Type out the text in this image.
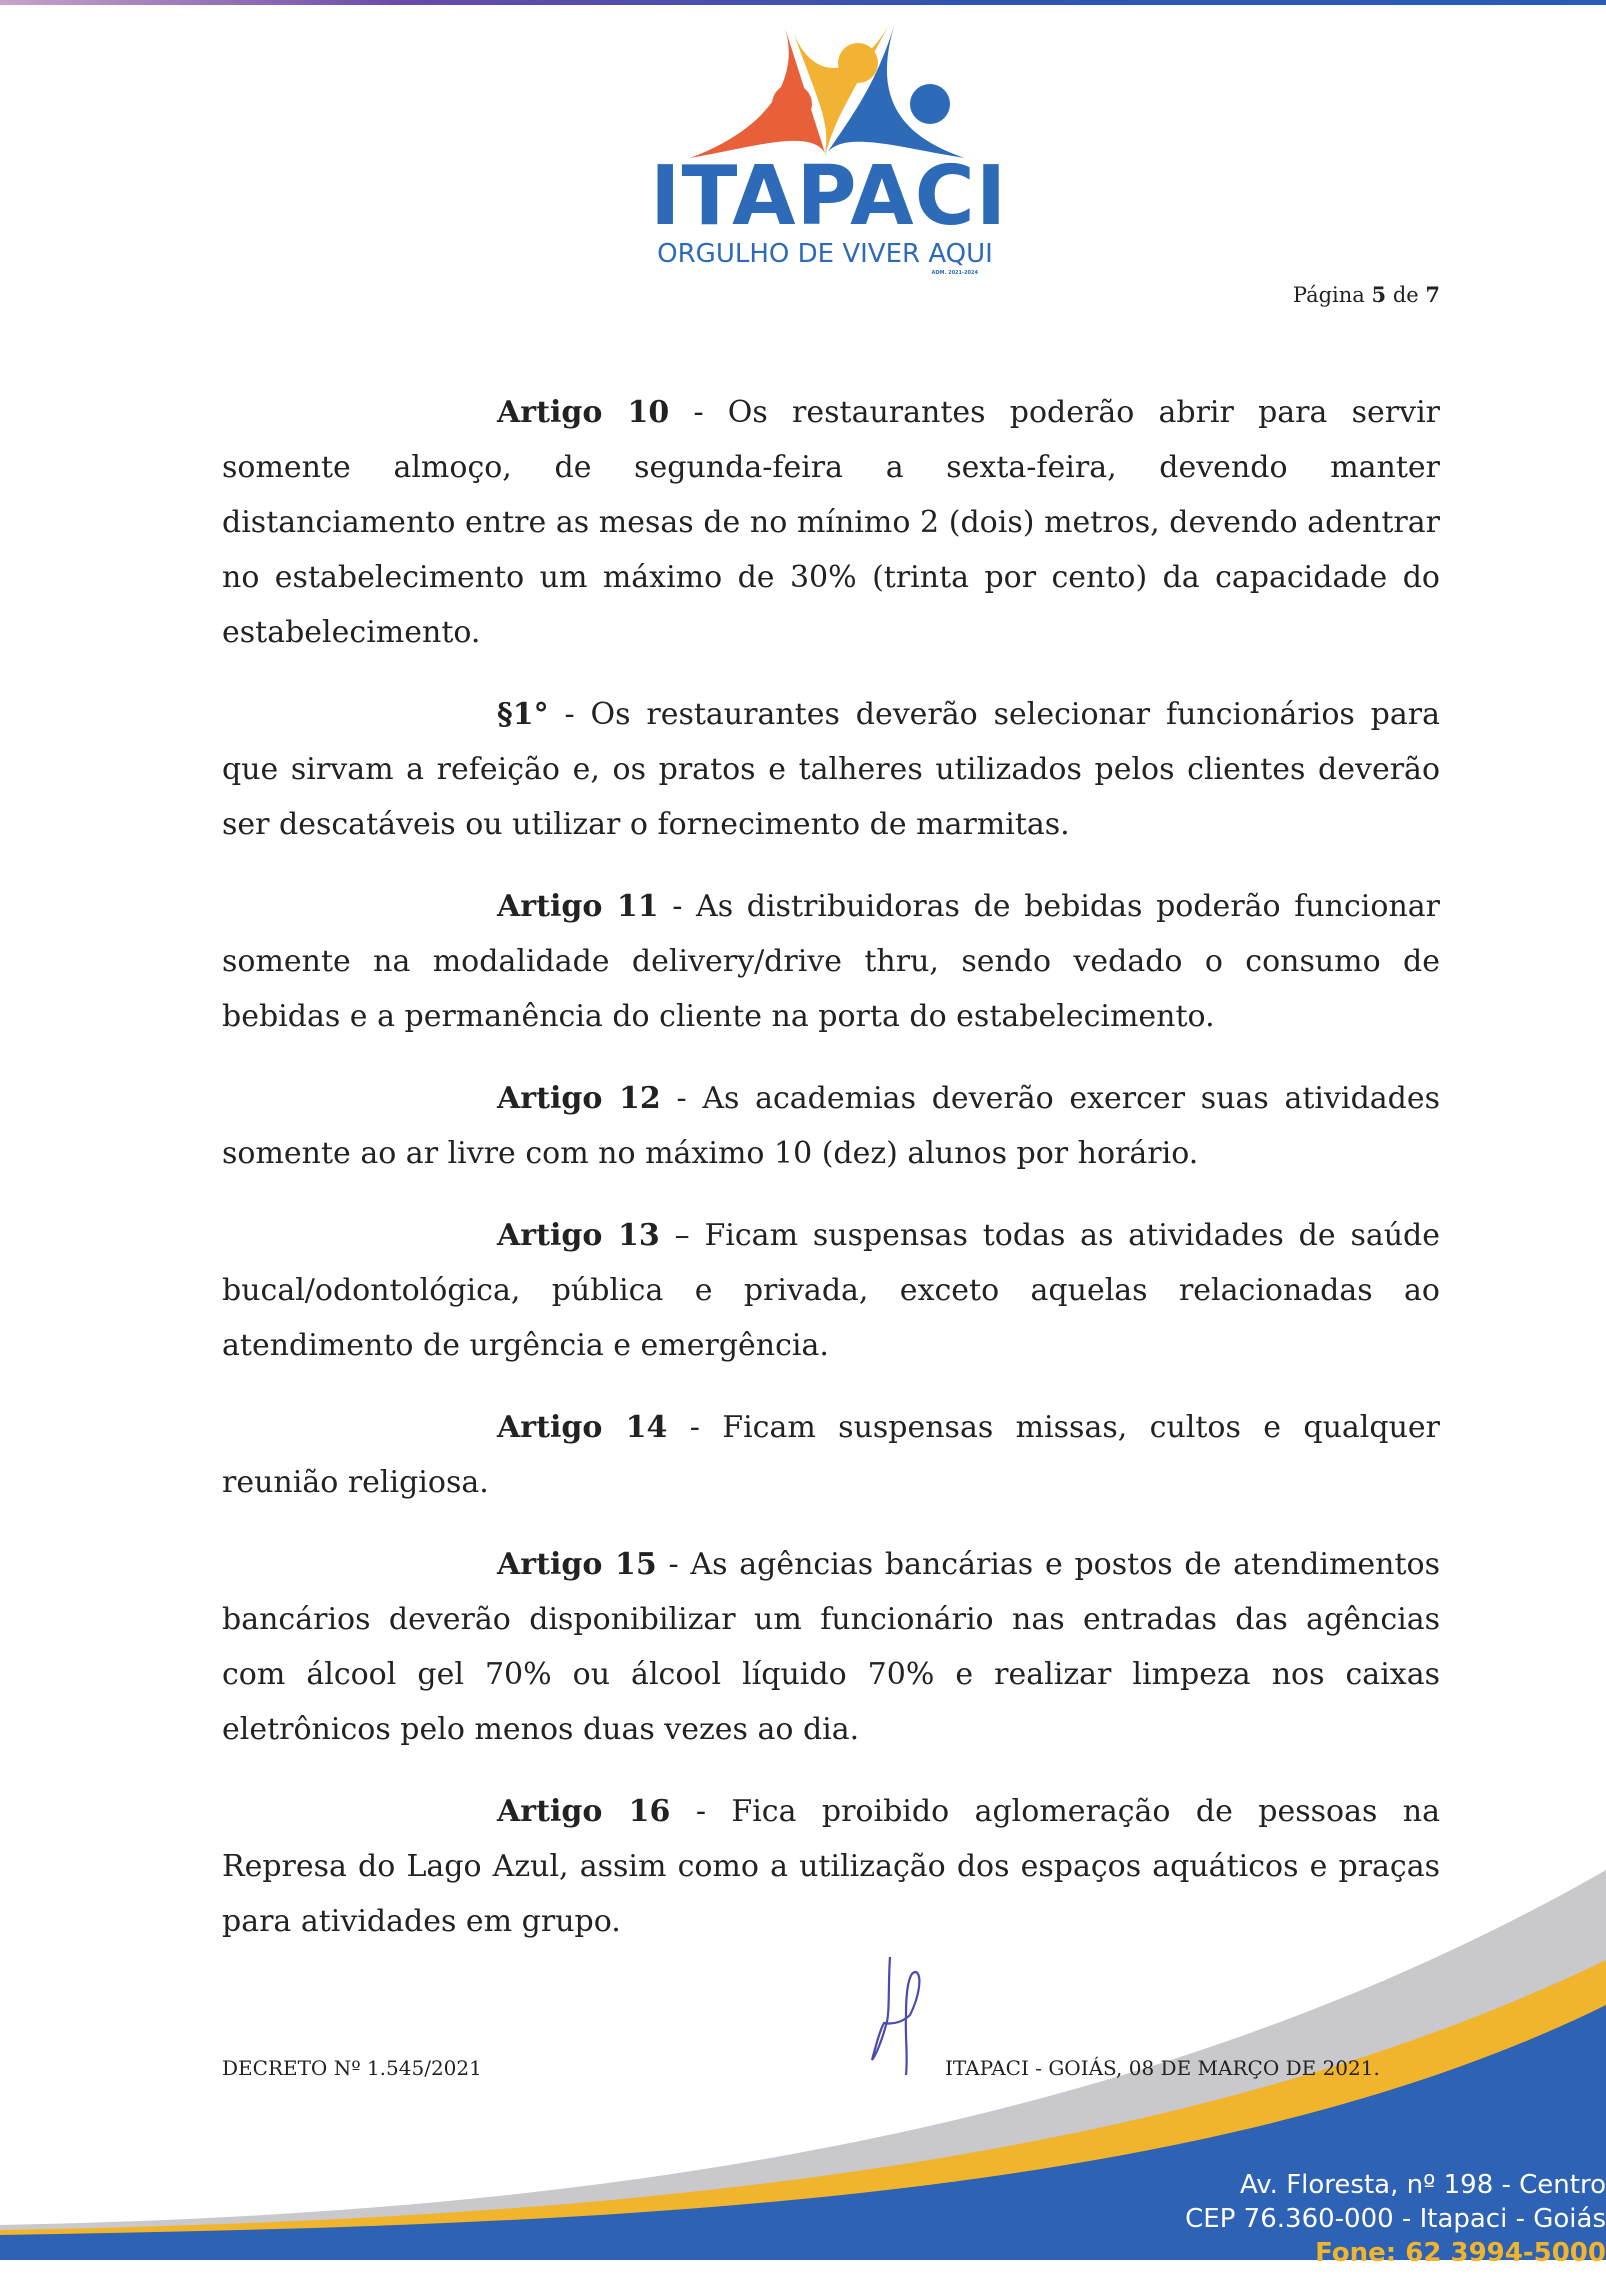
ITAPACI
ORGULHO DE VIVER AQUI
ADM. 2021-2024
Página 5 de 7

Artigo 10 - Os restaurantes poderão abrir para servir somente almoço, de segunda-feira a sexta-feira, devendo manter distanciamento entre as mesas de no mínimo 2 (dois) metros, devendo adentrar no estabelecimento um máximo de 30% (trinta por cento) da capacidade do estabelecimento.

§1° - Os restaurantes deverão selecionar funcionários para que sirvam a refeição e, os pratos e talheres utilizados pelos clientes deverão ser descatáveis ou utilizar o fornecimento de marmitas.

Artigo 11 - As distribuidoras de bebidas poderão funcionar somente na modalidade delivery/drive thru, sendo vedado o consumo de bebidas e a permanência do cliente na porta do estabelecimento.

Artigo 12 - As academias deverão exercer suas atividades somente ao ar livre com no máximo 10 (dez) alunos por horário.

Artigo 13 – Ficam suspensas todas as atividades de saúde bucal/odontológica, pública e privada, exceto aquelas relacionadas ao atendimento de urgência e emergência.

Artigo 14 - Ficam suspensas missas, cultos e qualquer reunião religiosa.

Artigo 15 - As agências bancárias e postos de atendimentos bancários deverão disponibilizar um funcionário nas entradas das agências com álcool gel 70% ou álcool líquido 70% e realizar limpeza nos caixas eletrônicos pelo menos duas vezes ao dia.

Artigo 16 - Fica proibido aglomeração de pessoas na Represa do Lago Azul, assim como a utilização dos espaços aquáticos e praças para atividades em grupo.

DECRETO Nº 1.545/2021	ITAPACI - GOIÁS, 08 DE MARÇO DE 2021.
Av. Floresta, nº 198 - Centro
CEP 76.360-000 - Itapaci - Goiás
Fone: 62 3994-5000
